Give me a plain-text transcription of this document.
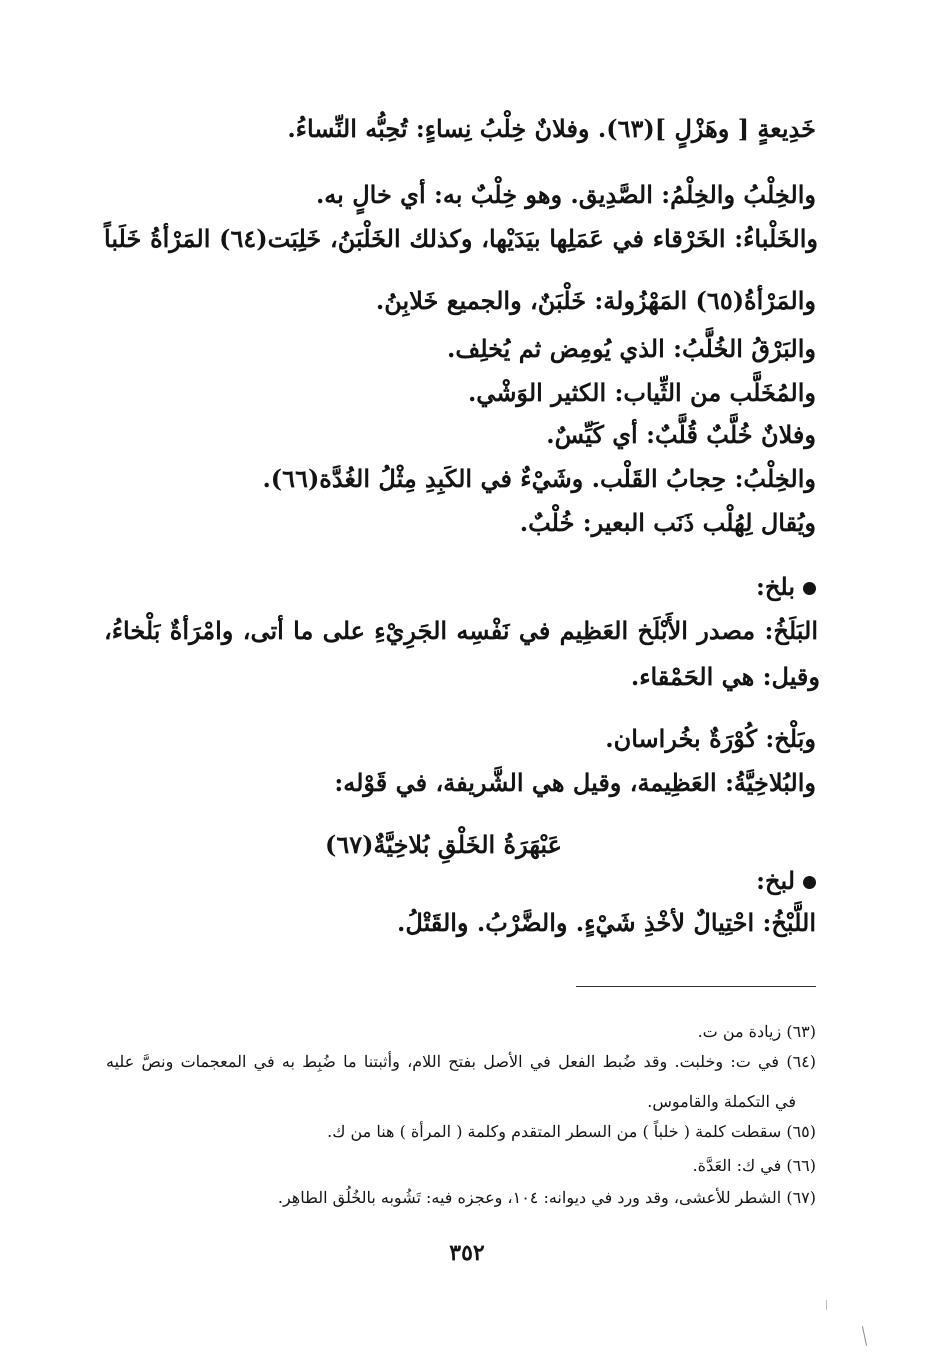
خَدِيعةٍ [ وهَزْلٍ ](٦٣). وفلانٌ خِلْبُ نِساءٍ: تُحِبُّه النِّساءُ.
والخِلْبُ والخِلْمُ: الصَّدِيق. وهو خِلْبٌ به: أي خالٍ به.
والخَلْباءُ: الخَرْقاء في عَمَلِها بيَدَيْها، وكذلك الخَلْبَنُ، خَلِبَت(٦٤) المَرْأةُ خَلَباً
والمَرْأةُ(٦٥) المَهْزُولة: خَلْبَنٌ، والجميع خَلابِنُ.
والبَرْقُ الخُلَّبُ: الذي يُومِض ثم يُخلِف.
والمُخَلَّب من الثِّياب: الكثير الوَشْي.
وفلانٌ خُلَّبٌ قُلَّبٌ: أي كَيِّسٌ.
والخِلْبُ: حِجابُ القَلْب. وشَيْءٌ في الكَبِدِ مِثْلُ الغُدَّة(٦٦).
ويُقال لِهُلْب ذَنَب البعير: خُلْبٌ.
بلخ:
البَلَخُ: مصدر الأَبْلَخ العَظِيم في نَفْسِه الجَرِيْءِ على ما أتى، وامْرَأةٌ بَلْخاءُ،
وقيل: هي الحَمْقاء.
وبَلْخ: كُوْرَةٌ بخُراسان.
والبُلاخِيَّةُ: العَظِيمة، وقيل هي الشَّريفة، في قَوْله:
عَبْهَرَةُ الخَلْقِ بُلاخِيَّةٌ(٦٧)
لبخ:
اللَّبْخُ: احْتِيالٌ لأخْذِ شَيْءٍ. والضَّرْبُ. والقَتْلُ.
(٦٣) زيادة من ت.
(٦٤) في ت: وخلبت. وقد ضُبط الفعل في الأصل بفتح اللام، وأثبتنا ما ضُبِط به في المعجمات ونصَّ عليه
في التكملة والقاموس.
(٦٥) سقطت كلمة ( خلباً ) من السطر المتقدم وكلمة ( المرأة ) هنا من ك.
(٦٦) في ك: العَدَّة.
(٦٧) الشطر للأعشى، وقد ورد في ديوانه: ١٠٤، وعجزه فيه: تَشُوبه بالخُلُق الطاهِر.
٣٥٢
